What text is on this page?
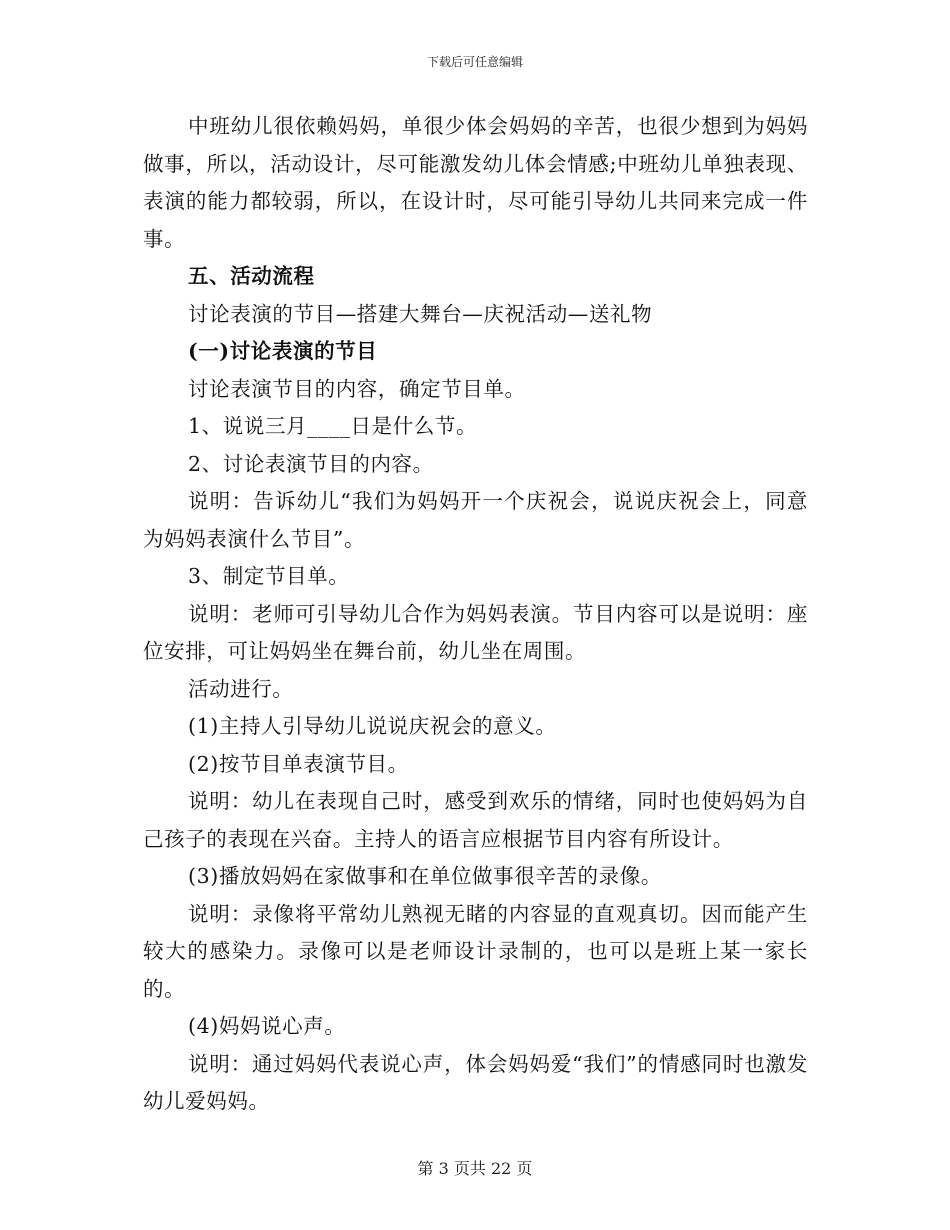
下载后可任意编辑

中班幼儿很依赖妈妈，单很少体会妈妈的辛苦，也很少想到为妈妈做事，所以，活动设计，尽可能激发幼儿体会情感;中班幼儿单独表现、表演的能力都较弱，所以，在设计时，尽可能引导幼儿共同来完成一件事。

五、活动流程

讨论表演的节目—搭建大舞台—庆祝活动—送礼物

(一)讨论表演的节目

讨论表演节目的内容，确定节目单。

1、说说三月____日是什么节。

2、讨论表演节目的内容。

说明：告诉幼儿“我们为妈妈开一个庆祝会，说说庆祝会上，同意为妈妈表演什么节目”。

3、制定节目单。

说明：老师可引导幼儿合作为妈妈表演。节目内容可以是说明：座位安排，可让妈妈坐在舞台前，幼儿坐在周围。

活动进行。

(1)主持人引导幼儿说说庆祝会的意义。

(2)按节目单表演节目。

说明：幼儿在表现自己时，感受到欢乐的情绪，同时也使妈妈为自己孩子的表现在兴奋。主持人的语言应根据节目内容有所设计。

(3)播放妈妈在家做事和在单位做事很辛苦的录像。

说明：录像将平常幼儿熟视无睹的内容显的直观真切。因而能产生较大的感染力。录像可以是老师设计录制的，也可以是班上某一家长的。

(4)妈妈说心声。

说明：通过妈妈代表说心声，体会妈妈爱“我们”的情感同时也激发幼儿爱妈妈。

第 3 页共 22 页
